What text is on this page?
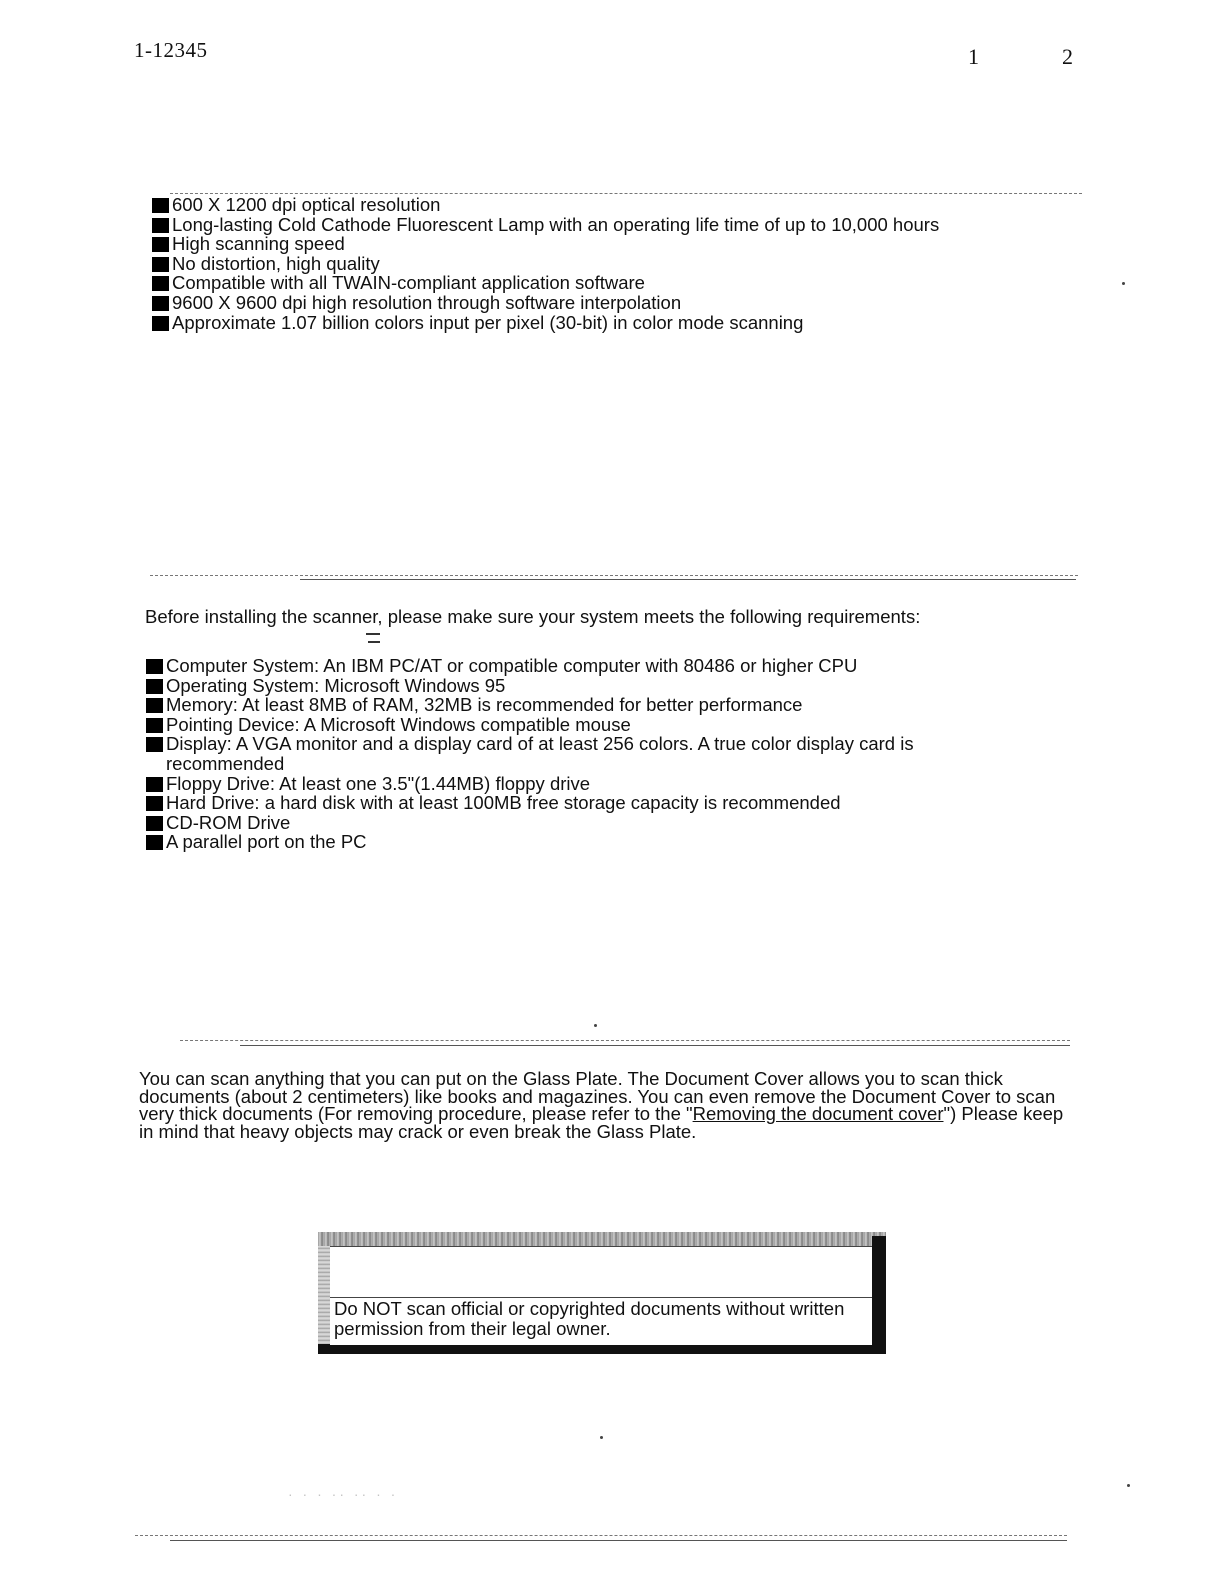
1-12345	1	2
600 X 1200 dpi optical resolution
Long-lasting Cold Cathode Fluorescent Lamp with an operating life time of up to 10,000 hours
High scanning speed
No distortion, high quality
Compatible with all TWAIN-compliant application software
9600 X 9600 dpi high resolution through software interpolation
Approximate 1.07 billion colors input per pixel (30-bit) in color mode scanning

Before installing the scanner, please make sure your system meets the following requirements:

Computer System: An IBM PC/AT or compatible computer with 80486 or higher CPU
Operating System: Microsoft Windows 95
Memory: At least 8MB of RAM, 32MB is recommended for better performance
Pointing Device: A Microsoft Windows compatible mouse
Display: A VGA monitor and a display card of at least 256 colors. A true color display card is recommended
Floppy Drive: At least one 3.5"(1.44MB) floppy drive
Hard Drive: a hard disk with at least 100MB free storage capacity is recommended
CD-ROM Drive
A parallel port on the PC

You can scan anything that you can put on the Glass Plate. The Document Cover allows you to scan thick documents (about 2 centimeters) like books and magazines. You can even remove the Document Cover to scan very thick documents (For removing procedure, please refer to the "Removing the document cover") Please keep in mind that heavy objects may crack or even break the Glass Plate.

Do NOT scan official or copyrighted documents without written permission from their legal owner.

· · · ·· ·· · ·
